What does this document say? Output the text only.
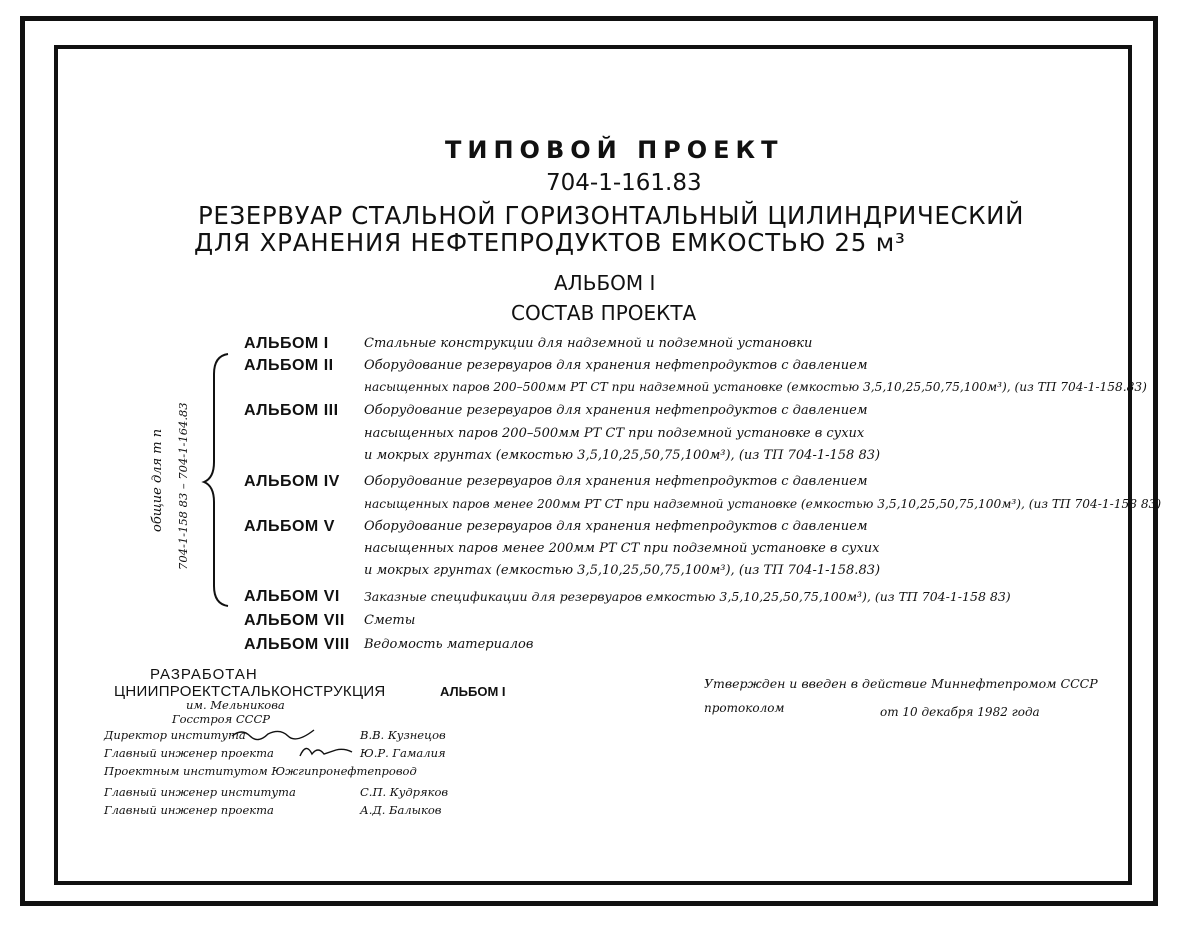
ТИПОВОЙ ПРОЕКТ
704-1-161.83
РЕЗЕРВУАР СТАЛЬНОЙ ГОРИЗОНТАЛЬНЫЙ ЦИЛИНДРИЧЕСКИЙ
ДЛЯ ХРАНЕНИЯ НЕФТЕПРОДУКТОВ ЕМКОСТЬЮ 25 м³
АЛЬБОМ I
СОСТАВ ПРОЕКТА
общие для т п 704-1-158 83 – 704-1-164.83
АЛЬБОМ I	Стальные конструкции для надземной и подземной установки
АЛЬБОМ II Оборудование резервуаров для хранения нефтепродуктов с давлением
насыщенных паров 200–500мм РТ СТ при надземной установке (емкостью 3,5,10,25,50,75,100м³), (из ТП 704-1-158.83)
АЛЬБОМ III Оборудование резервуаров для хранения нефтепродуктов с давлением
насыщенных паров 200–500мм РТ СТ при подземной установке в сухих
и мокрых грунтах (емкостью 3,5,10,25,50,75,100м³), (из ТП 704-1-158 83)
АЛЬБОМ IV Оборудование резервуаров для хранения нефтепродуктов с давлением
насыщенных паров менее 200мм РТ СТ при надземной установке (емкостью 3,5,10,25,50,75,100м³), (из ТП 704-1-158 83)
АЛЬБОМ V Оборудование резервуаров для хранения нефтепродуктов с давлением
насыщенных паров менее 200мм РТ СТ при подземной установке в сухих
и мокрых грунтах (емкостью 3,5,10,25,50,75,100м³), (из ТП 704-1-158.83)
АЛЬБОМ VI Заказные спецификации для резервуаров емкостью 3,5,10,25,50,75,100м³), (из ТП 704-1-158 83)
АЛЬБОМ VII Сметы
АЛЬБОМ VIII Ведомость материалов
РАЗРАБОТАН
ЦНИИПРОЕКТСТАЛЬКОНСТРУКЦИЯ
им. Мельникова
Госстроя СССР
АЛЬБОМ I
Утвержден и введен в действие Миннефтепромом СССР
протоколом	от 10 декабря 1982 года
Директор института	В.В. Кузнецов
Главный инженер проекта	Ю.Р. Гамалия
Проектным институтом Южгипронефтепровод
Главный инженер института	С.П. Кудряков
Главный инженер проекта	А.Д. Балыков
